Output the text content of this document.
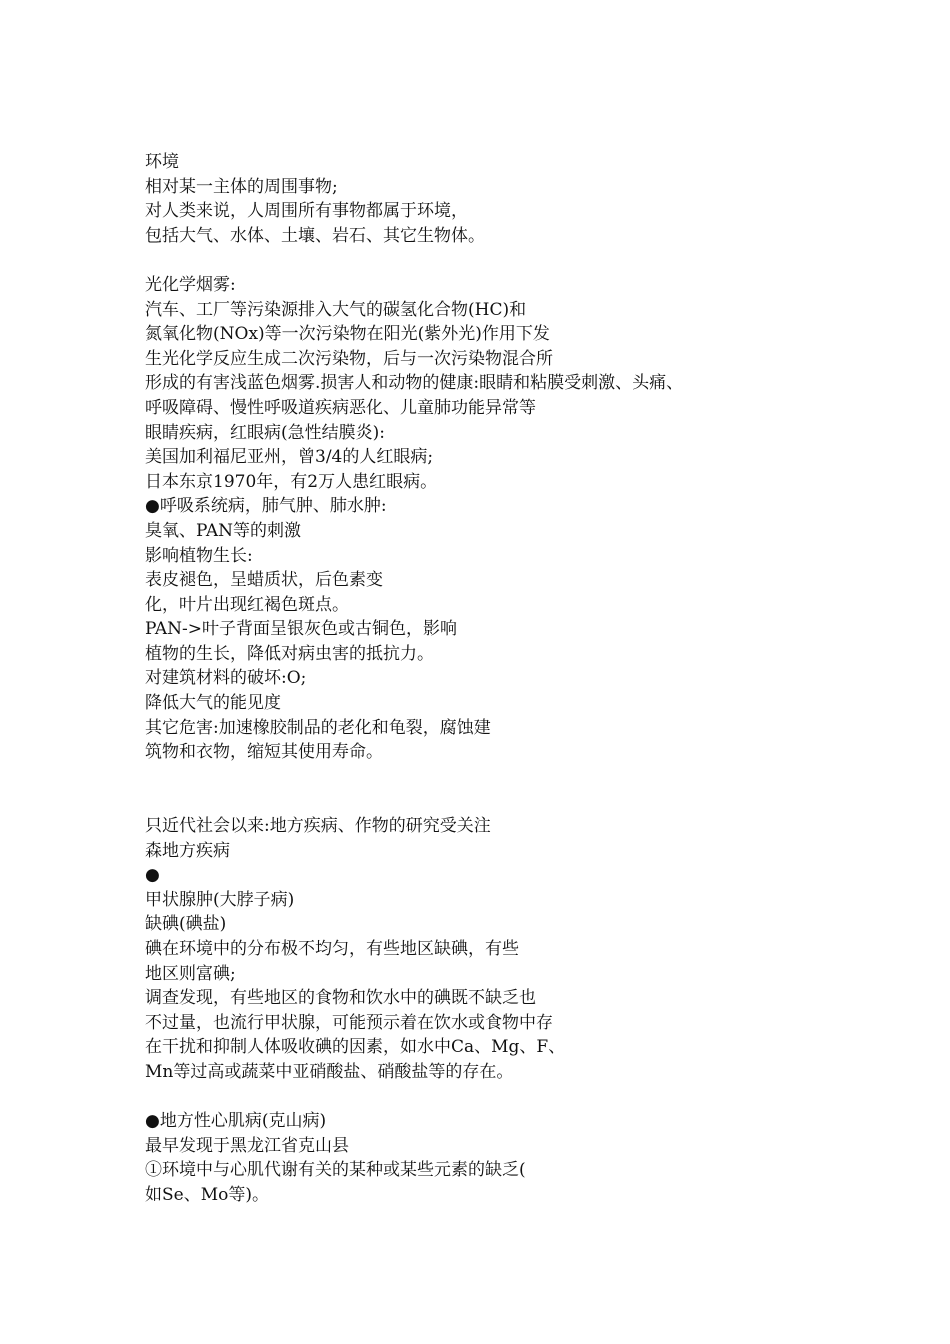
环境
相对某一主体的周围事物;
对人类来说，人周围所有事物都属于环境，
包括大气、水体、土壤、岩石、其它生物体。
光化学烟雾:
汽车、工厂等污染源排入大气的碳氢化合物(HC)和
氮氧化物(NOx)等一次污染物在阳光(紫外光)作用下发
生光化学反应生成二次污染物，后与一次污染物混合所
形成的有害浅蓝色烟雾.损害人和动物的健康:眼睛和粘膜受刺激、头痛、
呼吸障碍、慢性呼吸道疾病恶化、儿童肺功能异常等
眼睛疾病，红眼病(急性结膜炎):
美国加利福尼亚州，曾3/4的人红眼病;
日本东京1970年，有2万人患红眼病。
●呼吸系统病，肺气肿、肺水肿:
臭氧、PAN等的刺激
影响植物生长:
表皮褪色，呈蜡质状，后色素变
化，叶片出现红褐色斑点。
PAN->叶子背面呈银灰色或古铜色，影响
植物的生长，降低对病虫害的抵抗力。
对建筑材料的破坏:O;
降低大气的能见度
其它危害:加速橡胶制品的老化和龟裂，腐蚀建
筑物和衣物，缩短其使用寿命。
只近代社会以来:地方疾病、作物的研究受关注
森地方疾病
●
甲状腺肿(大脖子病)
缺碘(碘盐)
碘在环境中的分布极不均匀，有些地区缺碘，有些
地区则富碘;
调查发现，有些地区的食物和饮水中的碘既不缺乏也
不过量，也流行甲状腺，可能预示着在饮水或食物中存
在干扰和抑制人体吸收碘的因素，如水中Ca、Mg、F、
Mn等过高或蔬菜中亚硝酸盐、硝酸盐等的存在。
●地方性心肌病(克山病)
最早发现于黑龙江省克山县
①环境中与心肌代谢有关的某种或某些元素的缺乏(
如Se、Mo等)。
